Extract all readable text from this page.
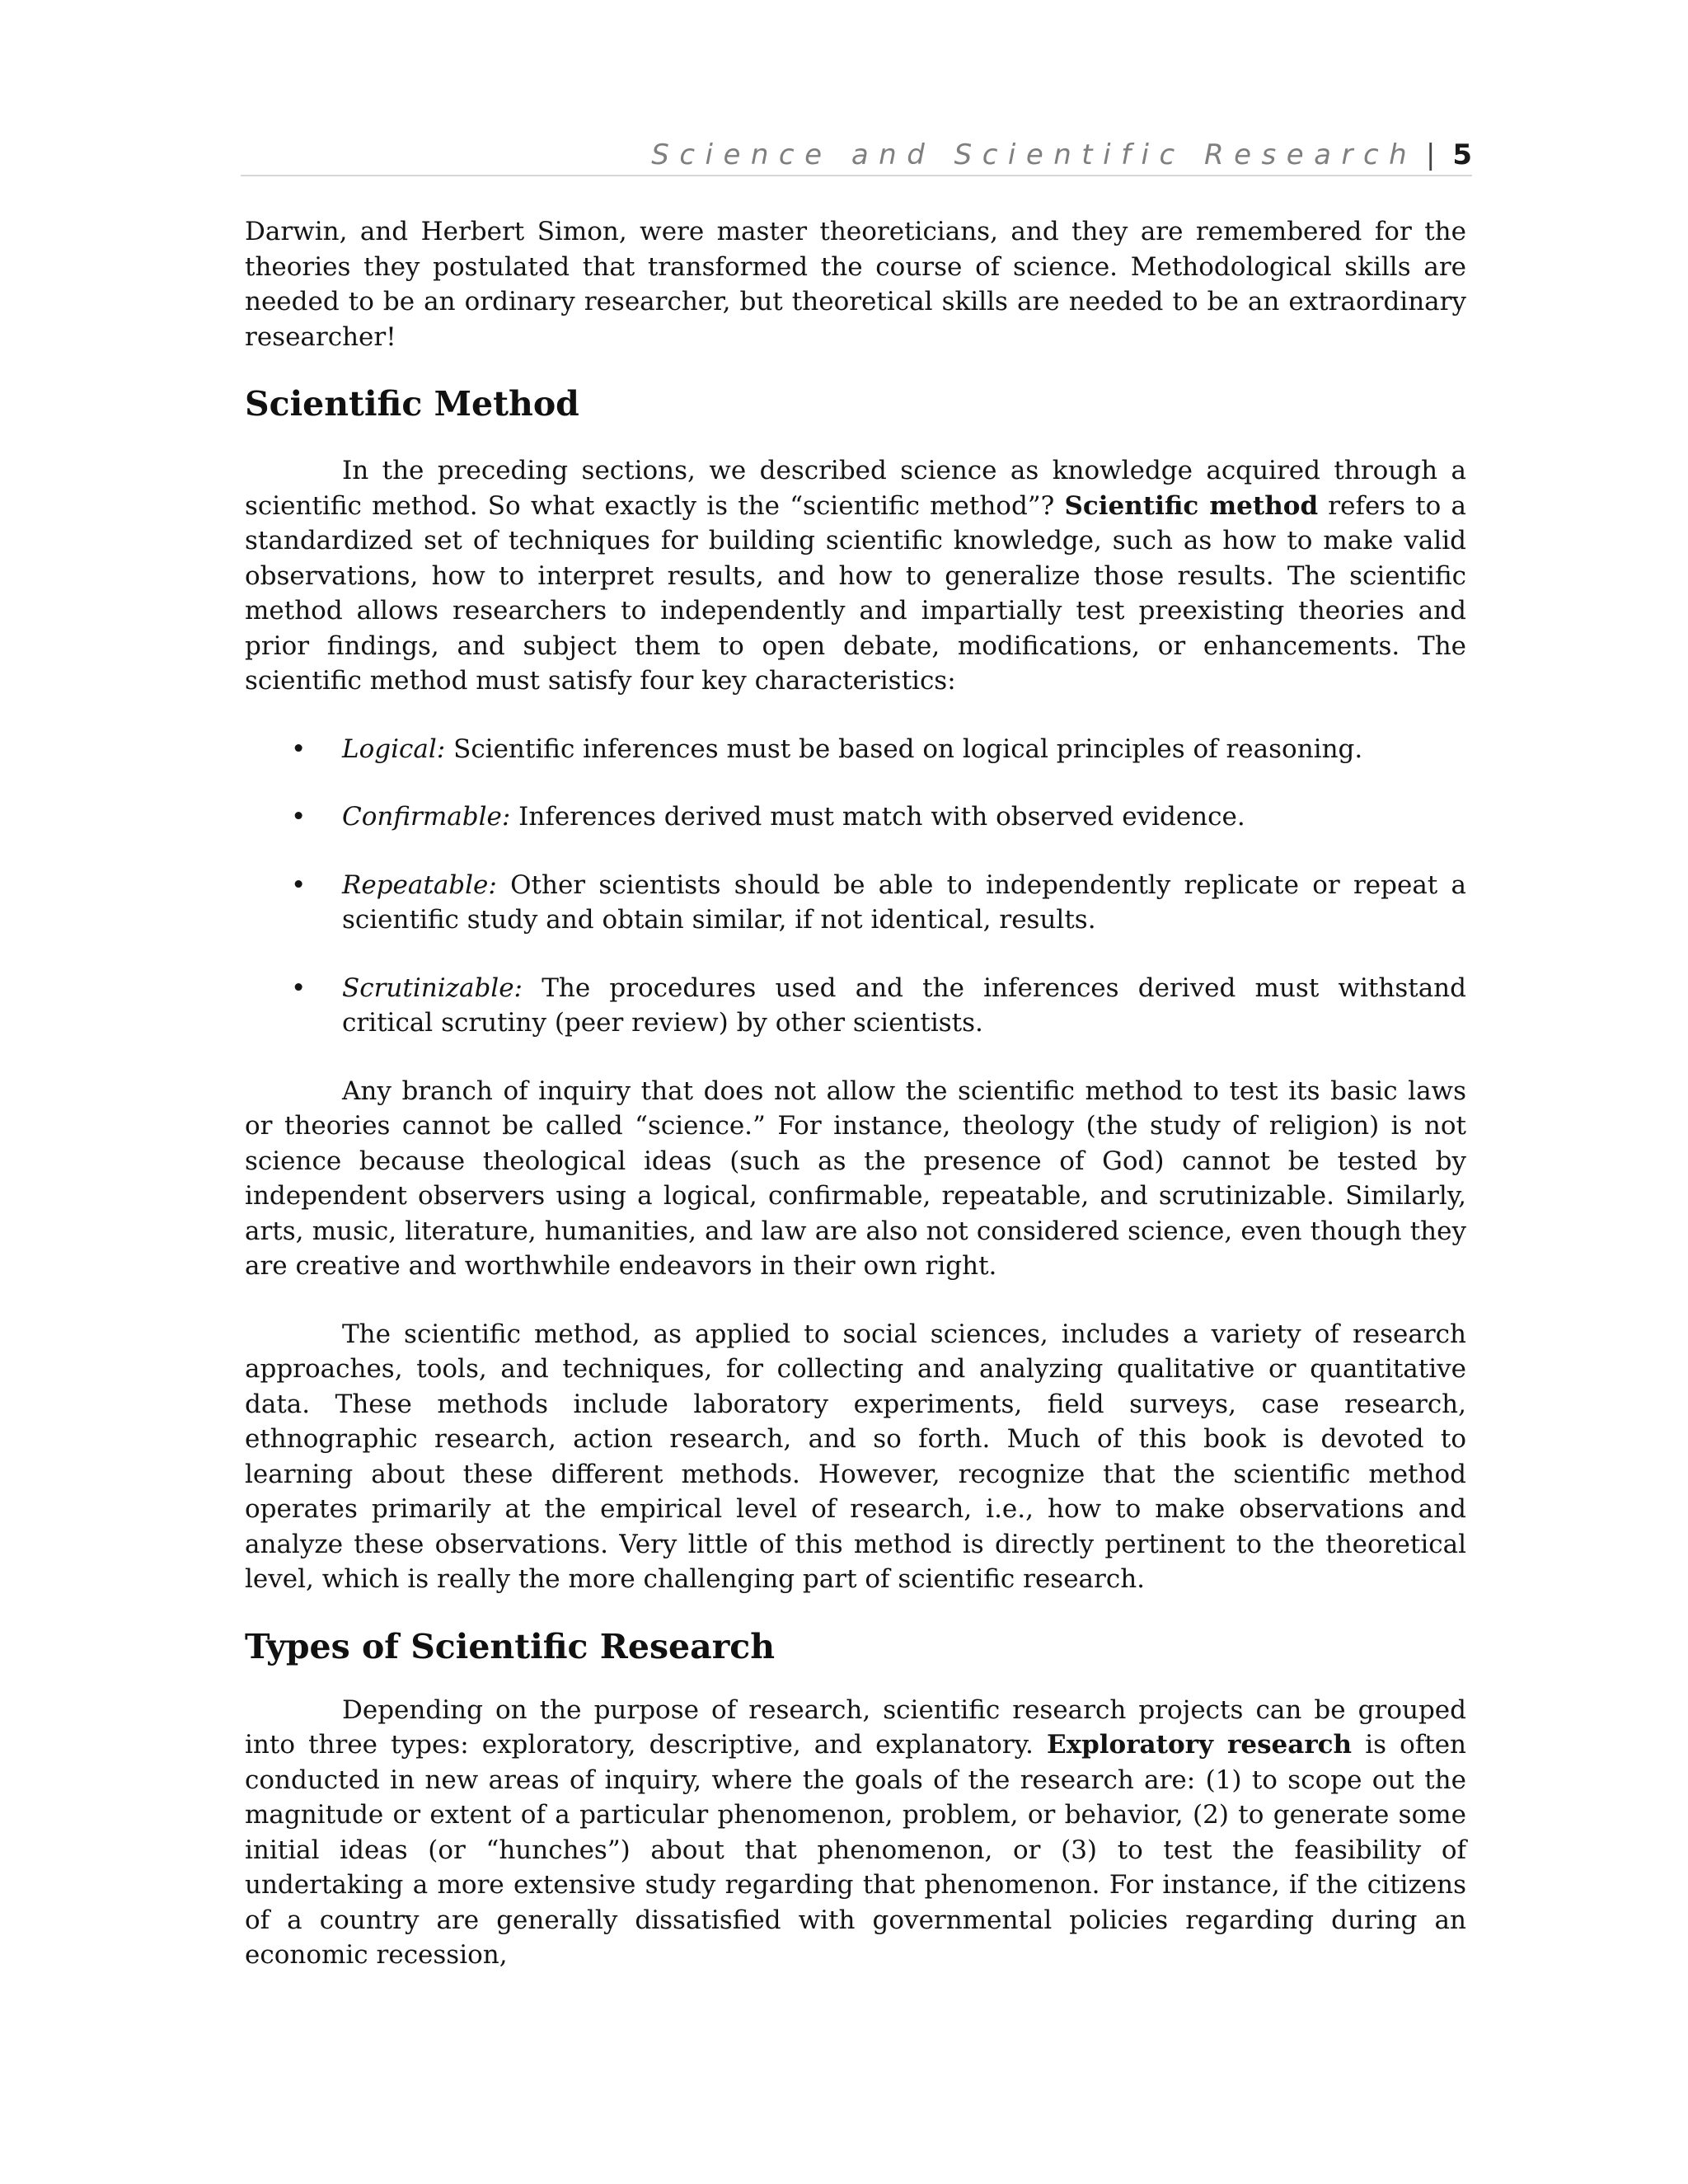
Science and Scientific Research | 5

Darwin, and Herbert Simon, were master theoreticians, and they are remembered for the theories they postulated that transformed the course of science. Methodological skills are needed to be an ordinary researcher, but theoretical skills are needed to be an extraordinary researcher!

Scientific Method

In the preceding sections, we described science as knowledge acquired through a scientific method. So what exactly is the “scientific method”? Scientific method refers to a standardized set of techniques for building scientific knowledge, such as how to make valid observations, how to interpret results, and how to generalize those results. The scientific method allows researchers to independently and impartially test preexisting theories and prior findings, and subject them to open debate, modifications, or enhancements. The scientific method must satisfy four key characteristics:

• Logical: Scientific inferences must be based on logical principles of reasoning.
• Confirmable: Inferences derived must match with observed evidence.
• Repeatable: Other scientists should be able to independently replicate or repeat a scientific study and obtain similar, if not identical, results.
• Scrutinizable: The procedures used and the inferences derived must withstand critical scrutiny (peer review) by other scientists.

Any branch of inquiry that does not allow the scientific method to test its basic laws or theories cannot be called “science.” For instance, theology (the study of religion) is not science because theological ideas (such as the presence of God) cannot be tested by independent observers using a logical, confirmable, repeatable, and scrutinizable. Similarly, arts, music, literature, humanities, and law are also not considered science, even though they are creative and worthwhile endeavors in their own right.

The scientific method, as applied to social sciences, includes a variety of research approaches, tools, and techniques, for collecting and analyzing qualitative or quantitative data. These methods include laboratory experiments, field surveys, case research, ethnographic research, action research, and so forth. Much of this book is devoted to learning about these different methods. However, recognize that the scientific method operates primarily at the empirical level of research, i.e., how to make observations and analyze these observations. Very little of this method is directly pertinent to the theoretical level, which is really the more challenging part of scientific research.

Types of Scientific Research

Depending on the purpose of research, scientific research projects can be grouped into three types: exploratory, descriptive, and explanatory. Exploratory research is often conducted in new areas of inquiry, where the goals of the research are: (1) to scope out the magnitude or extent of a particular phenomenon, problem, or behavior, (2) to generate some initial ideas (or “hunches”) about that phenomenon, or (3) to test the feasibility of undertaking a more extensive study regarding that phenomenon. For instance, if the citizens of a country are generally dissatisfied with governmental policies regarding during an economic recession,
